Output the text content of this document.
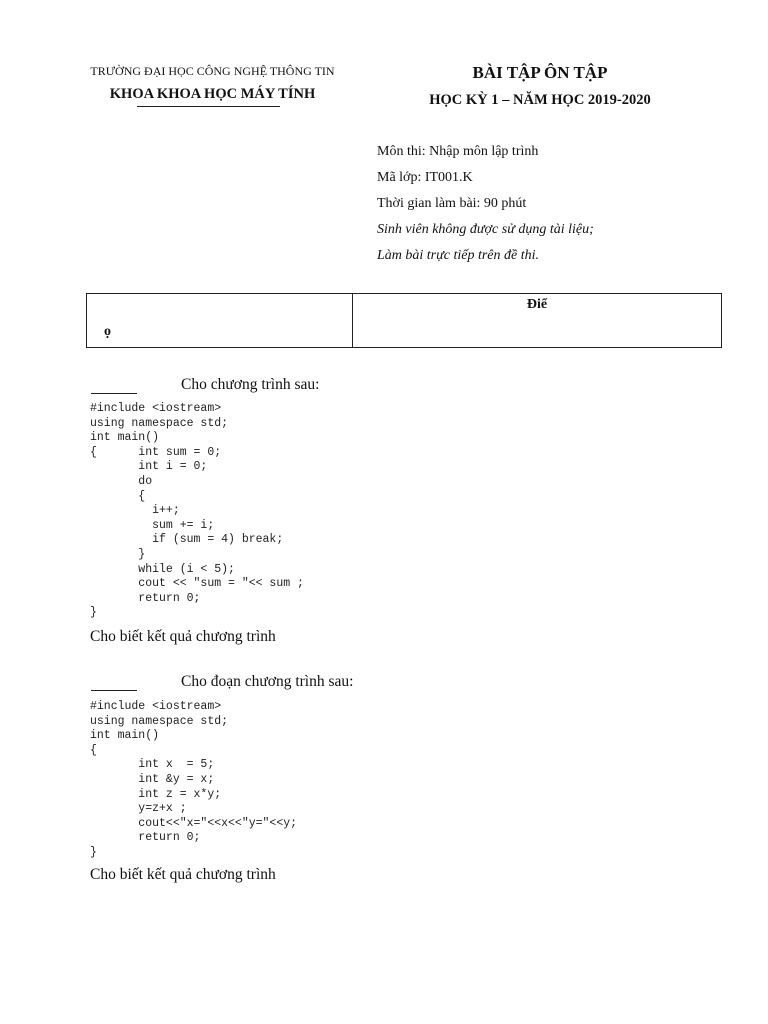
TRƯỜNG ĐẠI HỌC CÔNG NGHỆ THÔNG TIN
KHOA KHOA HỌC MÁY TÍNH
BÀI TẬP ÔN TẬP
HỌC KỲ 1 – NĂM HỌC 2019-2020
Môn thi: Nhập môn lập trình
Mã lớp: IT001.K
Thời gian làm bài: 90 phút
Sinh viên không được sử dụng tài liệu;
Làm bài trực tiếp trên đề thi.
ọ
Điể
Cho chương trình sau:
#include <iostream>
using namespace std;
int main()
{      int sum = 0;
int i = 0;
do
{
i++;
sum += i;
if (sum = 4) break;
}
while (i < 5);
cout << "sum = "<< sum ;
return 0;
}
Cho biết kết quả chương trình
Cho đoạn chương trình sau:
#include <iostream>
using namespace std;
int main()
{
int x  = 5;
int &y = x;
int z = x*y;
y=z+x ;
cout<<"x="<<x<<"y="<<y;
return 0;
}
Cho biết kết quả chương trình
